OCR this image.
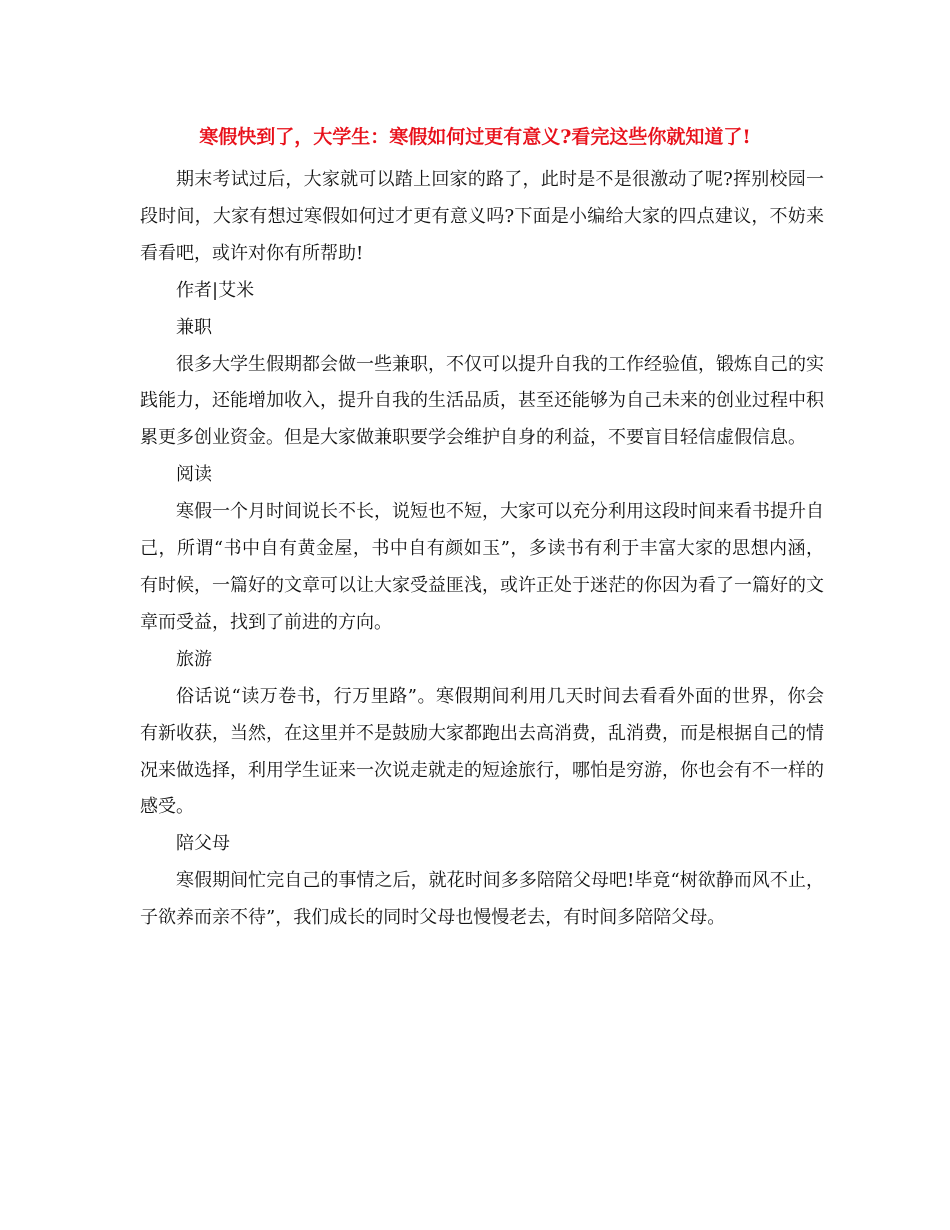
寒假快到了，大学生：寒假如何过更有意义?看完这些你就知道了!

期末考试过后，大家就可以踏上回家的路了，此时是不是很激动了呢?挥别校园一段时间，大家有想过寒假如何过才更有意义吗?下面是小编给大家的四点建议，不妨来看看吧，或许对你有所帮助!

作者|艾米

兼职

很多大学生假期都会做一些兼职，不仅可以提升自我的工作经验值，锻炼自己的实践能力，还能增加收入，提升自我的生活品质，甚至还能够为自己未来的创业过程中积累更多创业资金。但是大家做兼职要学会维护自身的利益，不要盲目轻信虚假信息。

阅读

寒假一个月时间说长不长，说短也不短，大家可以充分利用这段时间来看书提升自己，所谓“书中自有黄金屋，书中自有颜如玉”，多读书有利于丰富大家的思想内涵，有时候，一篇好的文章可以让大家受益匪浅，或许正处于迷茫的你因为看了一篇好的文章而受益，找到了前进的方向。

旅游

俗话说“读万卷书，行万里路”。寒假期间利用几天时间去看看外面的世界，你会有新收获，当然，在这里并不是鼓励大家都跑出去高消费，乱消费，而是根据自己的情况来做选择，利用学生证来一次说走就走的短途旅行，哪怕是穷游，你也会有不一样的感受。

陪父母

寒假期间忙完自己的事情之后，就花时间多多陪陪父母吧!毕竟“树欲静而风不止，子欲养而亲不待”，我们成长的同时父母也慢慢老去，有时间多陪陪父母。
